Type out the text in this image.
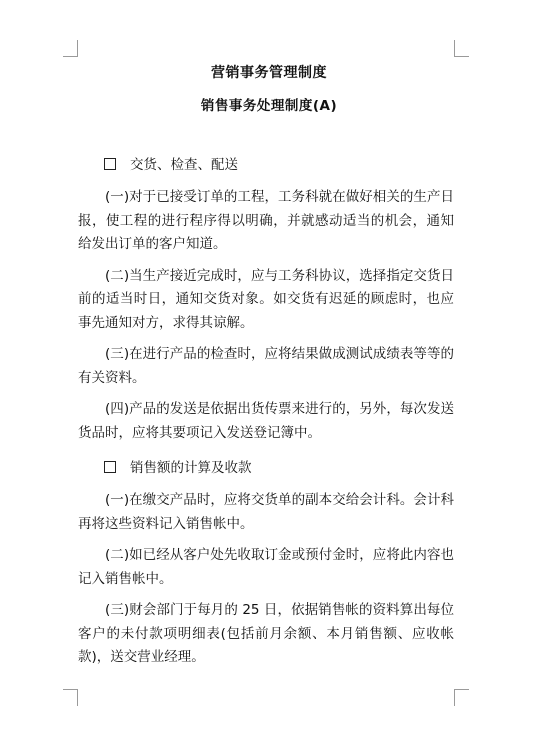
营销事务管理制度
销售事务处理制度(A)
交货、检查、配送
(一)对于已接受订单的工程，工务科就在做好相关的生产日报，使工程的进行程序得以明确，并就感动适当的机会，通知给发出订单的客户知道。
(二)当生产接近完成时，应与工务科协议，选择指定交货日前的适当时日，通知交货对象。如交货有迟延的顾虑时，也应事先通知对方，求得其谅解。
(三)在进行产品的检查时，应将结果做成测试成绩表等等的有关资料。
(四)产品的发送是依据出货传票来进行的，另外，每次发送货品时，应将其要项记入发送登记簿中。
销售额的计算及收款
(一)在缴交产品时，应将交货单的副本交给会计科。会计科再将这些资料记入销售帐中。
(二)如已经从客户处先收取订金或预付金时，应将此内容也记入销售帐中。
(三)财会部门于每月的 25 日，依据销售帐的资料算出每位客户的未付款项明细表(包括前月余额、本月销售额、应收帐款)，送交营业经理。
